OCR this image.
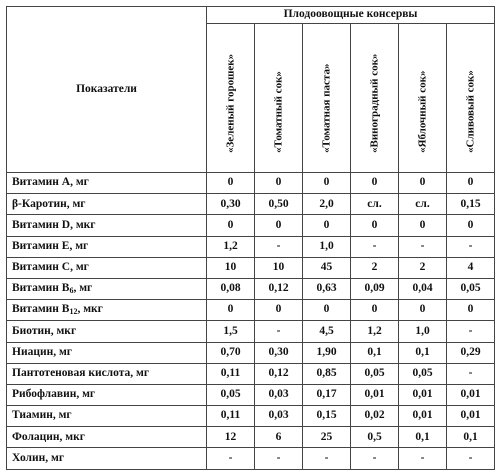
Показатели	Плодоовощные консервы					

	«Зеленый горошек»	«Томатный сок»	«Томатная паста»	«Виноградный сок»	«Яблочный сок»	«Сливовый сок»

Витамин А, мг	0	0	0	0	0	0
β-Каротин, мг	0,30	0,50	2,0	сл.	сл.	0,15
Витамин D, мкг	0	0	0	0	0	0
Витамин Е, мг	1,2	-	1,0	-	-	-
Витамин С, мг	10	10	45	2	2	4
Витамин $В_6$, мг	0,08	0,12	0,63	0,09	0,04	0,05
Витамин $В_{12}$, мкг	0	0	0	0	0	0
Биотин, мкг	1,5	-	4,5	1,2	1,0	-
Ниацин, мг	0,70	0,30	1,90	0,1	0,1	0,29
Пантотеновая кислота, мг	0,11	0,12	0,85	0,05	0,05	-
Рибофлавин, мг	0,05	0,03	0,17	0,01	0,01	0,01
Тиамин, мг	0,11	0,03	0,15	0,02	0,01	0,01
Фолацин, мкг	12	6	25	0,5	0,1	0,1
Холин, мг	-	-	-	-	-	-
